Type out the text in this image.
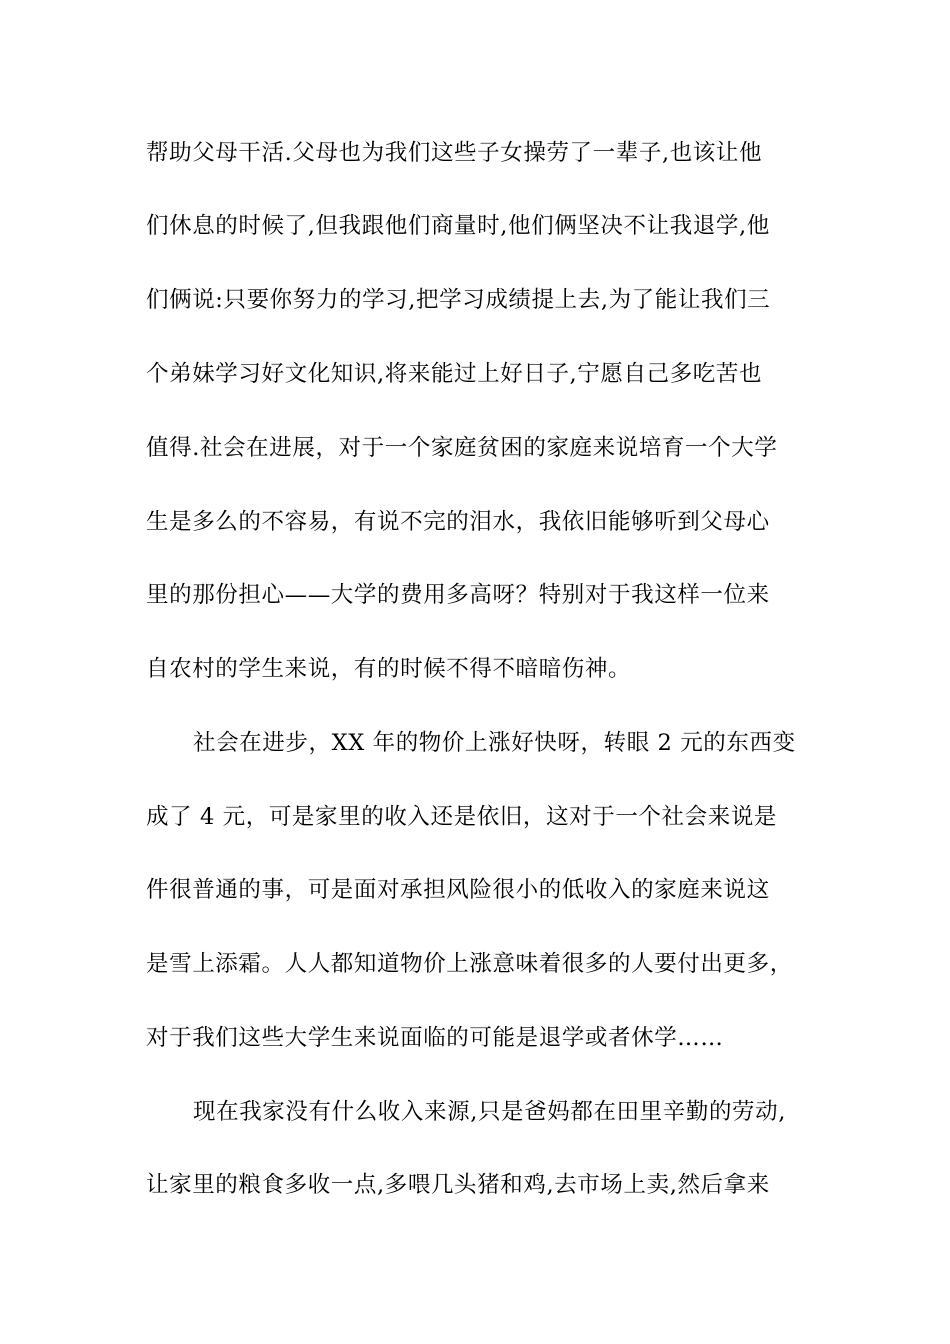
帮助父母干活.父母也为我们这些子女操劳了一辈子,也该让他
们休息的时候了,但我跟他们商量时,他们俩坚决不让我退学,他
们俩说:只要你努力的学习,把学习成绩提上去,为了能让我们三
个弟妹学习好文化知识,将来能过上好日子,宁愿自己多吃苦也
值得.社会在进展，对于一个家庭贫困的家庭来说培育一个大学
生是多么的不容易，有说不完的泪水，我依旧能够听到父母心
里的那份担心——大学的费用多高呀？特别对于我这样一位来
自农村的学生来说，有的时候不得不暗暗伤神。
社会在进步，XX 年的物价上涨好快呀，转眼 2 元的东西变
成了 4 元，可是家里的收入还是依旧，这对于一个社会来说是
件很普通的事，可是面对承担风险很小的低收入的家庭来说这
是雪上添霜。人人都知道物价上涨意味着很多的人要付出更多，
对于我们这些大学生来说面临的可能是退学或者休学……
现在我家没有什么收入来源,只是爸妈都在田里辛勤的劳动,
让家里的粮食多收一点,多喂几头猪和鸡,去市场上卖,然后拿来
